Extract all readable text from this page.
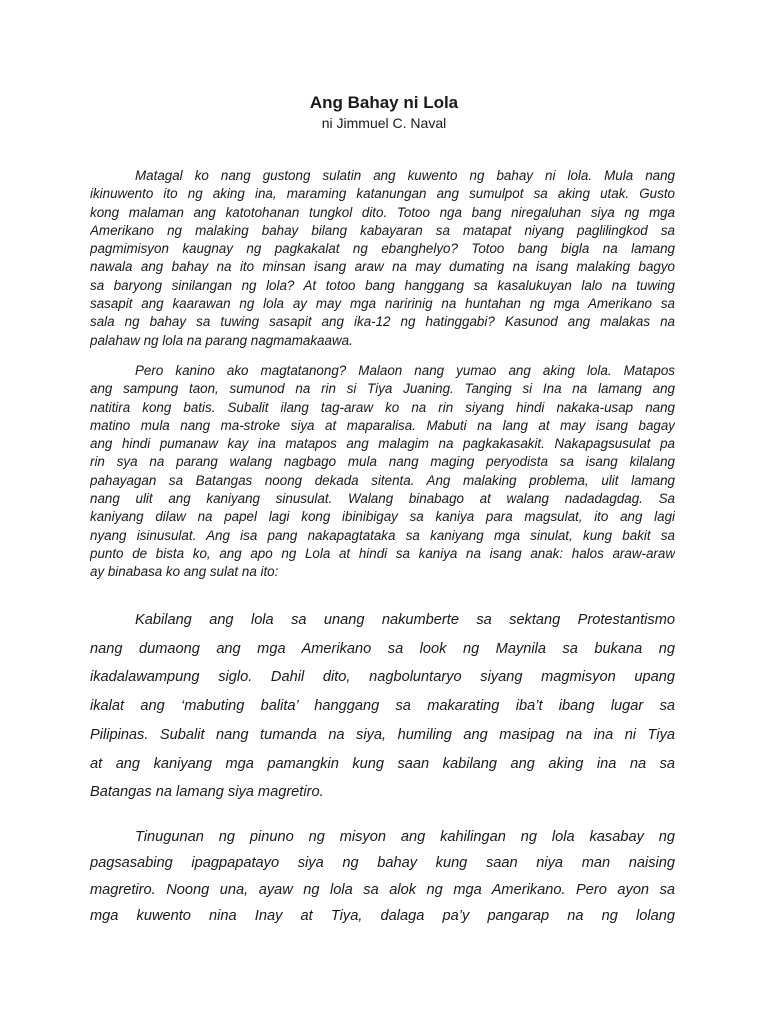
Ang Bahay ni Lola
ni Jimmuel C. Naval
Matagal ko nang gustong sulatin ang kuwento ng bahay ni lola. Mula nang
ikinuwento ito ng aking ina, maraming katanungan ang sumulpot sa aking utak. Gusto
kong malaman ang katotohanan tungkol dito. Totoo nga bang niregaluhan siya ng mga
Amerikano ng malaking bahay bilang kabayaran sa matapat niyang paglilingkod sa
pagmimisyon kaugnay ng pagkakalat ng ebanghelyo? Totoo bang bigla na lamang
nawala ang bahay na ito minsan isang araw na may dumating na isang malaking bagyo
sa baryong sinilangan ng lola? At totoo bang hanggang sa kasalukuyan lalo na tuwing
sasapit ang kaarawan ng lola ay may mga naririnig na huntahan ng mga Amerikano sa
sala ng bahay sa tuwing sasapit ang ika-12 ng hatinggabi? Kasunod ang malakas na
palahaw ng lola na parang nagmamakaawa.
Pero kanino ako magtatanong? Malaon nang yumao ang aking lola. Matapos
ang sampung taon, sumunod na rin si Tiya Juaning. Tanging si Ina na lamang ang
natitira kong batis. Subalit ilang tag-araw ko na rin siyang hindi nakaka-usap nang
matino mula nang ma-stroke siya at maparalisa. Mabuti na lang at may isang bagay
ang hindi pumanaw kay ina matapos ang malagim na pagkakasakit. Nakapagsusulat pa
rin sya na parang walang nagbago mula nang maging peryodista sa isang kilalang
pahayagan sa Batangas noong dekada sitenta. Ang malaking problema, ulit lamang
nang ulit ang kaniyang sinusulat. Walang binabago at walang nadadagdag. Sa
kaniyang dilaw na papel lagi kong ibinibigay sa kaniya para magsulat, ito ang lagi
nyang isinusulat. Ang isa pang nakapagtataka sa kaniyang mga sinulat, kung bakit sa
punto de bista ko, ang apo ng Lola at hindi sa kaniya na isang anak: halos araw-araw
ay binabasa ko ang sulat na ito:
Kabilang ang lola sa unang nakumberte sa sektang Protestantismo
nang dumaong ang mga Amerikano sa look ng Maynila sa bukana ng
ikadalawampung siglo. Dahil dito, nagboluntaryo siyang magmisyon upang
ikalat ang ‘mabuting balita’ hanggang sa makarating iba’t ibang lugar sa
Pilipinas. Subalit nang tumanda na siya, humiling ang masipag na ina ni Tiya
at ang kaniyang mga pamangkin kung saan kabilang ang aking ina na sa
Batangas na lamang siya magretiro.
Tinugunan ng pinuno ng misyon ang kahilingan ng lola kasabay ng
pagsasabing ipagpapatayo siya ng bahay kung saan niya man naising
magretiro. Noong una, ayaw ng lola sa alok ng mga Amerikano. Pero ayon sa
mga kuwento nina Inay at Tiya, dalaga pa’y pangarap na ng lolang
